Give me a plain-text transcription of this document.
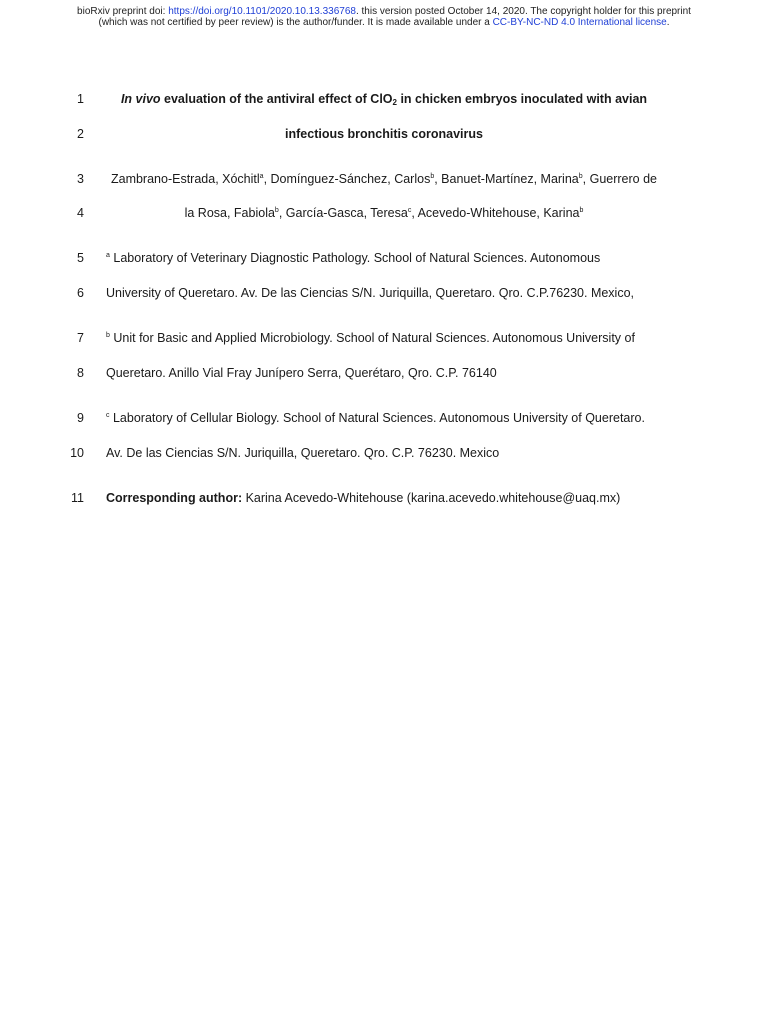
bioRxiv preprint doi: https://doi.org/10.1101/2020.10.13.336768. this version posted October 14, 2020. The copyright holder for this preprint
(which was not certified by peer review) is the author/funder. It is made available under a CC-BY-NC-ND 4.0 International license.
1
2
3
4
5
6
7
8
9
10
11
In vivo evaluation of the antiviral effect of ClO$_2$ in chicken embryos inoculated with avian
infectious bronchitis coronavirus
Zambrano-Estrada, Xóchitl$^a$, Domínguez-Sánchez, Carlos$^b$, Banuet-Martínez, Marina$^b$, Guerrero de
la Rosa, Fabiola$^b$, García-Gasca, Teresa$^c$, Acevedo-Whitehouse, Karina$^b$
$^a$ Laboratory of Veterinary Diagnostic Pathology. School of Natural Sciences. Autonomous
University of Queretaro. Av. De las Ciencias S/N. Juriquilla, Queretaro. Qro. C.P.76230. Mexico,
$^b$ Unit for Basic and Applied Microbiology. School of Natural Sciences. Autonomous University of
Queretaro. Anillo Vial Fray Junípero Serra, Querétaro, Qro. C.P. 76140
$^c$ Laboratory of Cellular Biology. School of Natural Sciences. Autonomous University of Queretaro.
Av. De las Ciencias S/N. Juriquilla, Queretaro. Qro. C.P. 76230. Mexico
Corresponding author: Karina Acevedo-Whitehouse (karina.acevedo.whitehouse@uaq.mx)
